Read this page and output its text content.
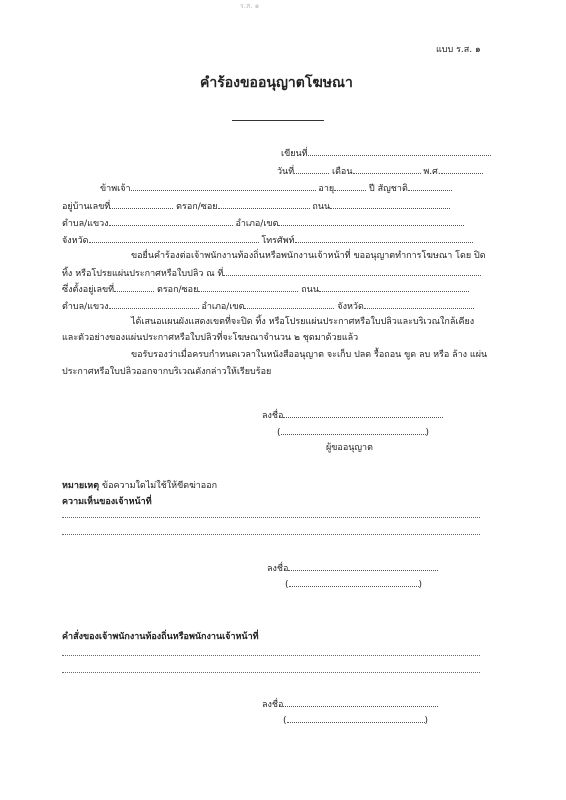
ร.ส. ๑
แบบ ร.ส. ๑
คำร้องขออนุญาตโฆษณา
เขียนที่
วันที่	เดือน	พ.ศ.
ข้าพเจ้า	อายุ	ปี สัญชาติ
อยู่บ้านเลขที่	ตรอก/ซอย	ถนน
ตำบล/แขวง	อำเภอ/เขต
จังหวัด	โทรศัพท์
ขอยื่นคำร้องต่อเจ้าพนักงานท้องถิ่นหรือพนักงานเจ้าหน้าที่ ขออนุญาตทำการโฆษณา โดย ปิด
ทิ้ง หรือโปรยแผ่นประกาศหรือใบปลิว ณ ที่
ซึ่งตั้งอยู่เลขที่	ตรอก/ซอย	ถนน
ตำบล/แขวง	อำเภอ/เขต	จังหวัด
ได้เสนอแผนผังแสดงเขตที่จะปิด ทิ้ง หรือโปรยแผ่นประกาศหรือใบปลิวและบริเวณใกล้เคียง
และตัวอย่างของแผ่นประกาศหรือใบปลิวที่จะโฆษณาจำนวน ๒ ชุดมาด้วยแล้ว
ขอรับรองว่าเมื่อครบกำหนดเวลาในหนังสืออนุญาต จะเก็บ ปลด รื้อถอน ขูด ลบ หรือ ล้าง แผ่น
ประกาศหรือใบปลิวออกจากบริเวณดังกล่าวให้เรียบร้อย
ลงชื่อ
(	)
ผู้ขออนุญาต
หมายเหตุ ข้อความใดไม่ใช้ให้ขีดฆ่าออก
ความเห็นของเจ้าหน้าที่
ลงชื่อ
(	)
คำสั่งของเจ้าพนักงานท้องถิ่นหรือพนักงานเจ้าหน้าที่
ลงชื่อ
(	)
